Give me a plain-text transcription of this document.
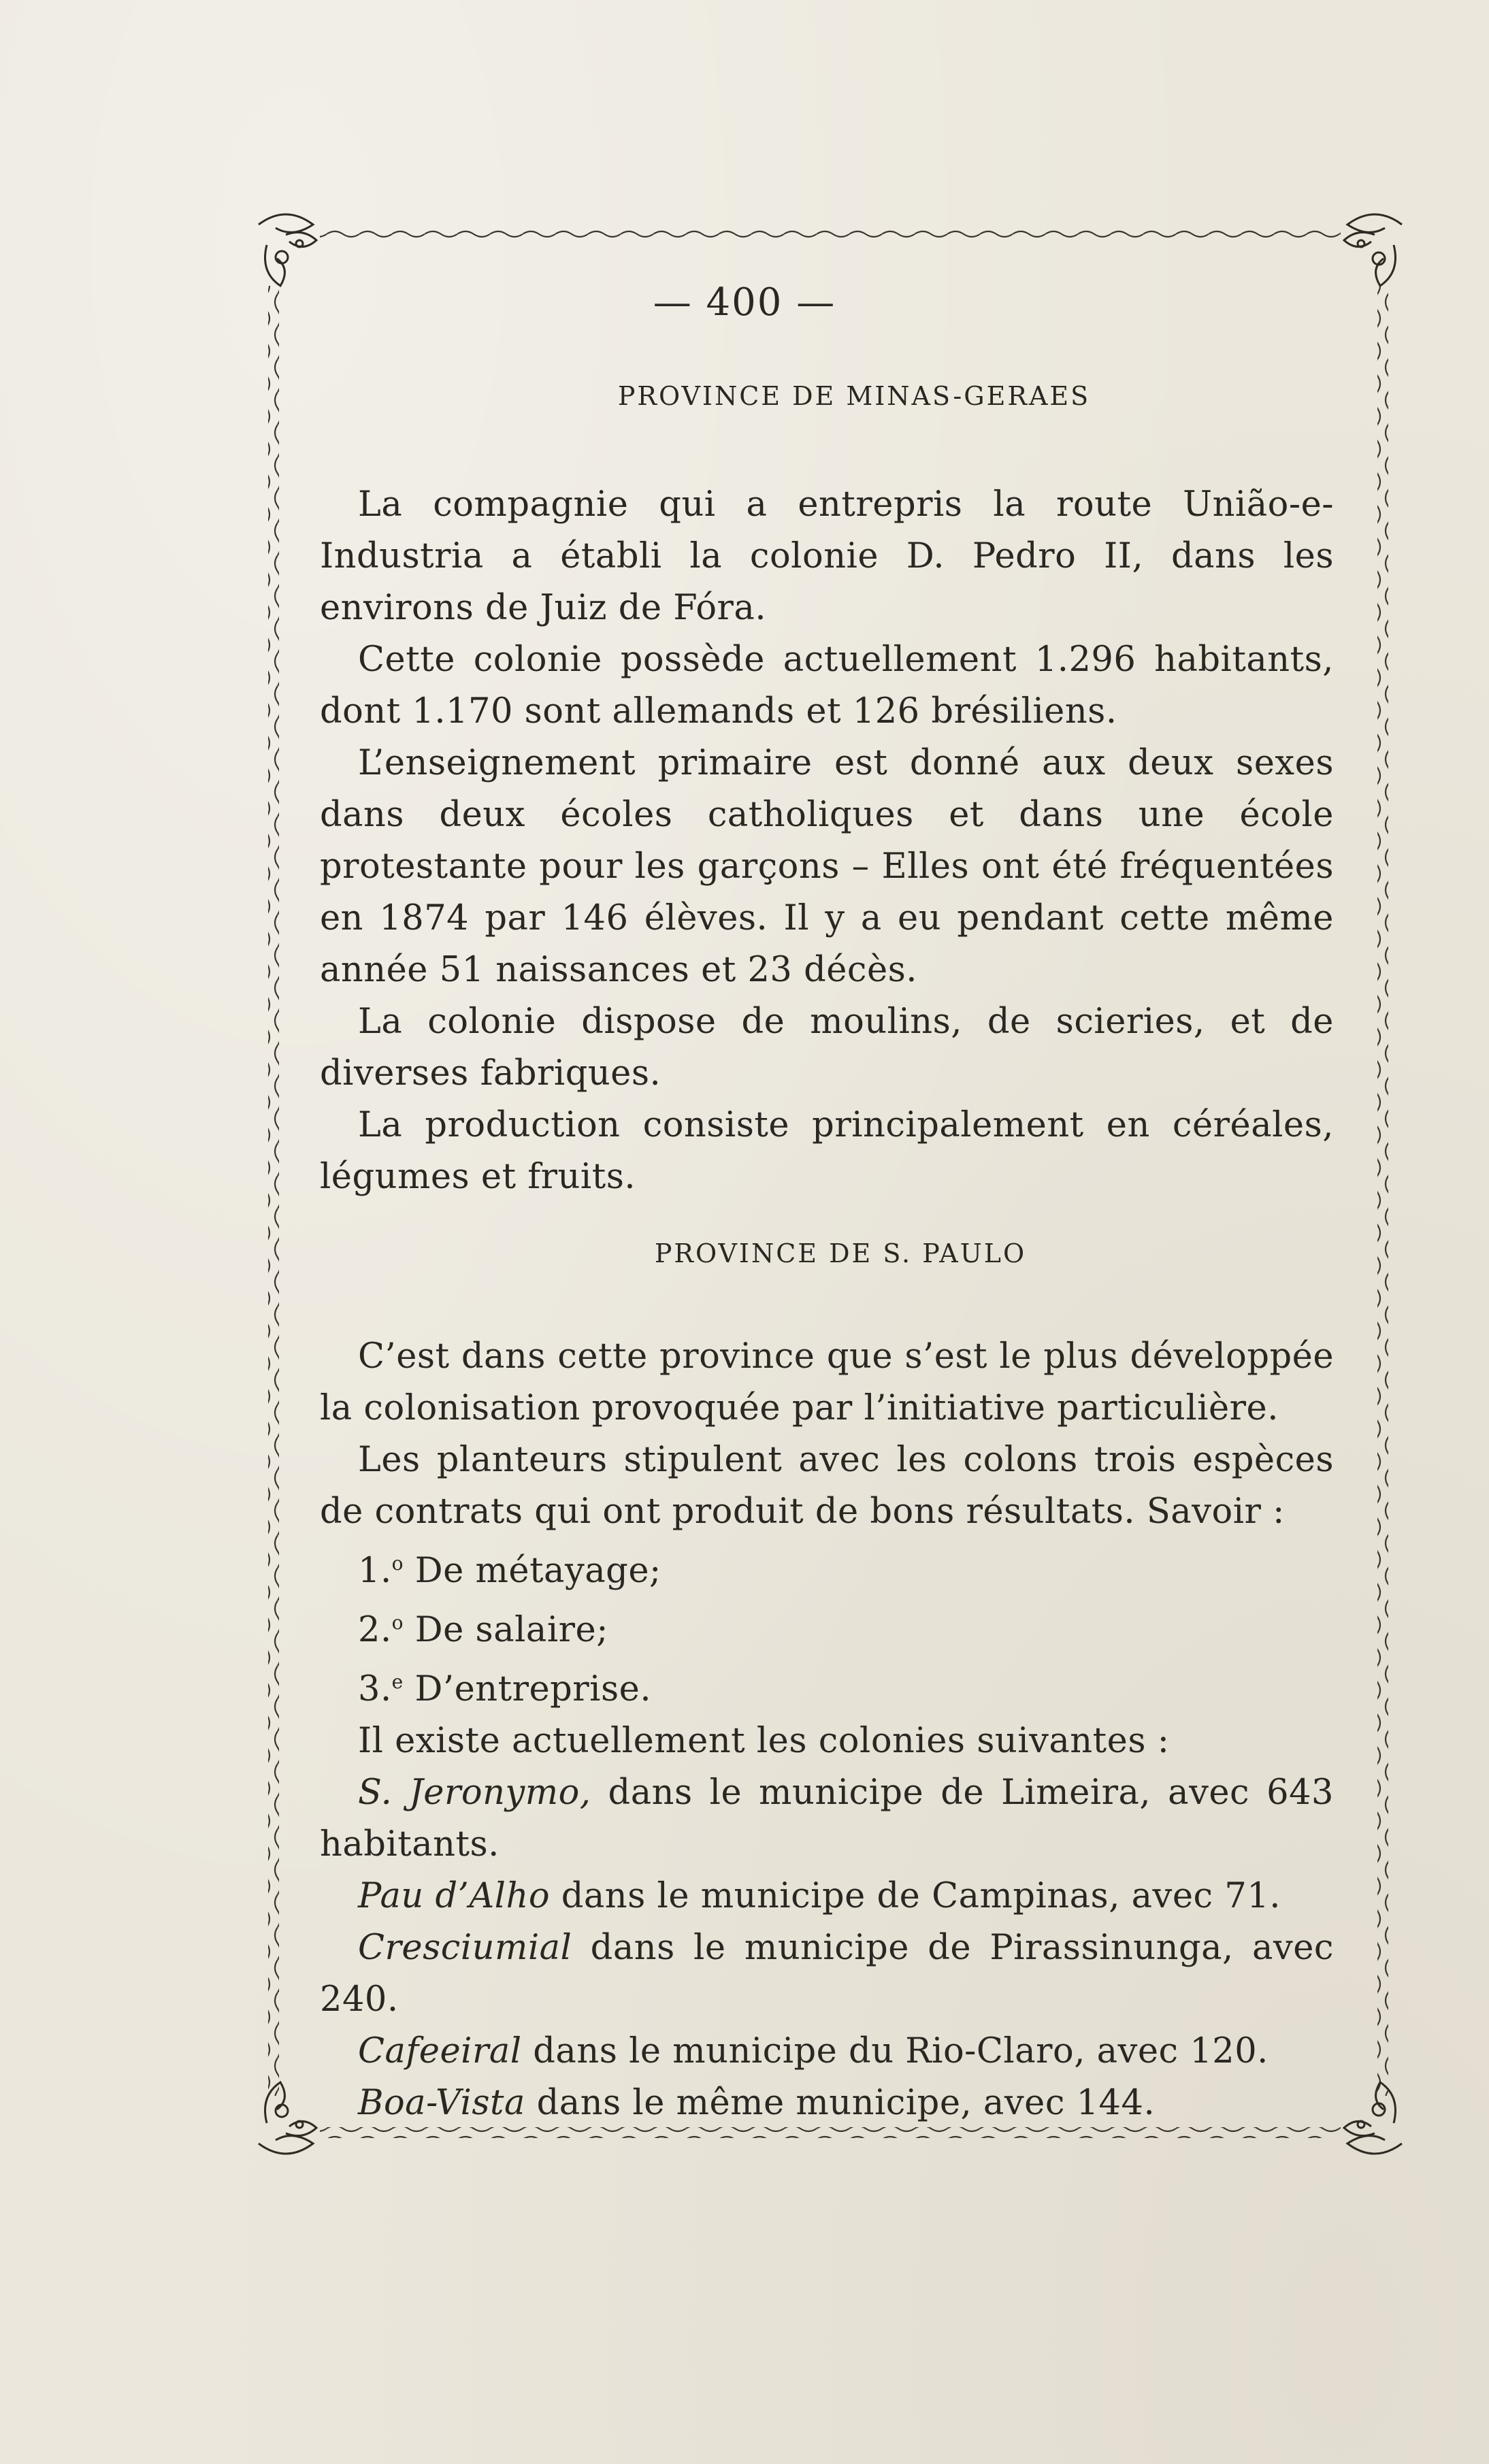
— 400 —
PROVINCE DE MINAS-GERAES

La compagnie qui a entrepris la route União-e-Industria a établi la colonie D. Pedro II, dans les environs de Juiz de Fóra.

Cette colonie possède actuellement 1.296 habitants, dont 1.170 sont allemands et 126 brésiliens.

L’enseignement primaire est donné aux deux sexes dans deux écoles catholiques et dans une école protestante pour les garçons – Elles ont été fréquentées en 1874 par 146 élèves. Il y a eu pendant cette même année 51 naissances et 23 décès.

La colonie dispose de moulins, de scieries, et de diverses fabriques.

La production consiste principalement en céréales, légumes et fruits.

PROVINCE DE S. PAULO

C’est dans cette province que s’est le plus développée la colonisation provoquée par l’initiative particulière.

Les planteurs stipulent avec les colons trois espèces de contrats qui ont produit de bons résultats. Savoir :

1.$^o$ De métayage;

2.$^o$ De salaire;

3.$^e$ D’entreprise.

Il existe actuellement les colonies suivantes :

S. Jeronymo, dans le municipe de Limeira, avec 643 habitants.

Pau d’Alho dans le municipe de Campinas, avec 71.

Cresciumial dans le municipe de Pirassinunga, avec 240.

Cafeeiral dans le municipe du Rio-Claro, avec 120.

Boa-Vista dans le même municipe, avec 144.
